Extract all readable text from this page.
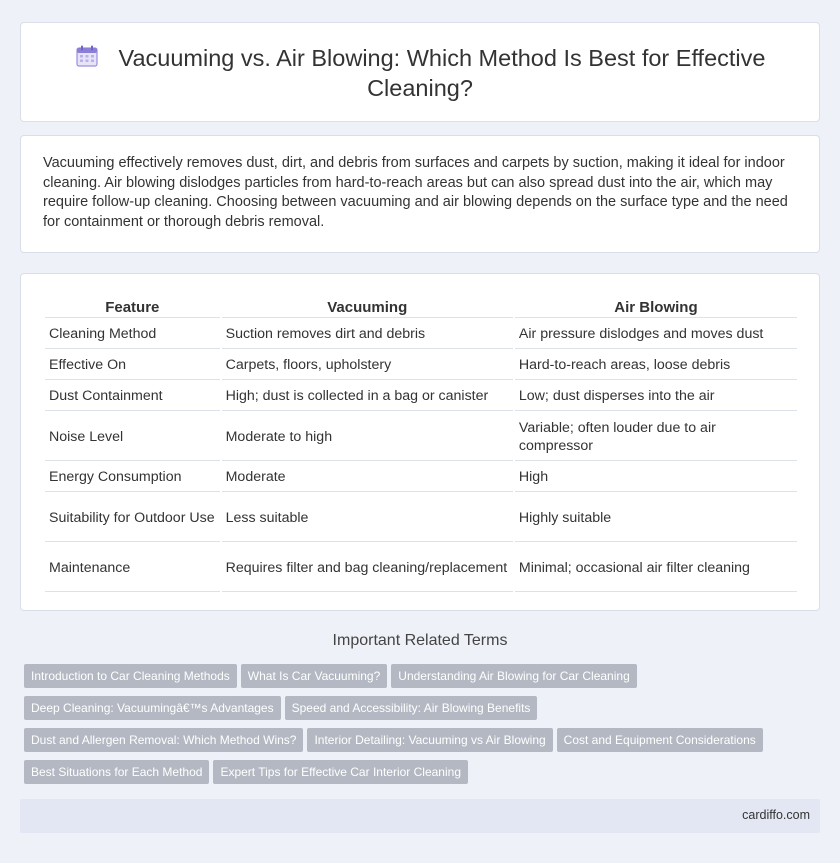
Vacuuming vs. Air Blowing: Which Method Is Best for Effective Cleaning?

Vacuuming effectively removes dust, dirt, and debris from surfaces and carpets by suction, making it ideal for indoor cleaning. Air blowing dislodges particles from hard-to-reach areas but can also spread dust into the air, which may require follow-up cleaning. Choosing between vacuuming and air blowing depends on the surface type and the need for containment or thorough debris removal.

Feature	Vacuuming	Air Blowing
Cleaning Method	Suction removes dirt and debris	Air pressure dislodges and moves dust
Effective On	Carpets, floors, upholstery	Hard-to-reach areas, loose debris
Dust Containment	High; dust is collected in a bag or canister	Low; dust disperses into the air
Noise Level	Moderate to high	Variable; often louder due to air compressor
Energy Consumption	Moderate	High
Suitability for Outdoor Use	Less suitable	Highly suitable
Maintenance	Requires filter and bag cleaning/replacement	Minimal; occasional air filter cleaning
Important Related Terms
Introduction to Car Cleaning Methods What Is Car Vacuuming? Understanding Air Blowing for Car Cleaning
Deep Cleaning: Vacuumingâ€™s Advantages Speed and Accessibility: Air Blowing Benefits
Dust and Allergen Removal: Which Method Wins? Interior Detailing: Vacuuming vs Air Blowing Cost and Equipment Considerations
Best Situations for Each Method Expert Tips for Effective Car Interior Cleaning
cardiffo.com
